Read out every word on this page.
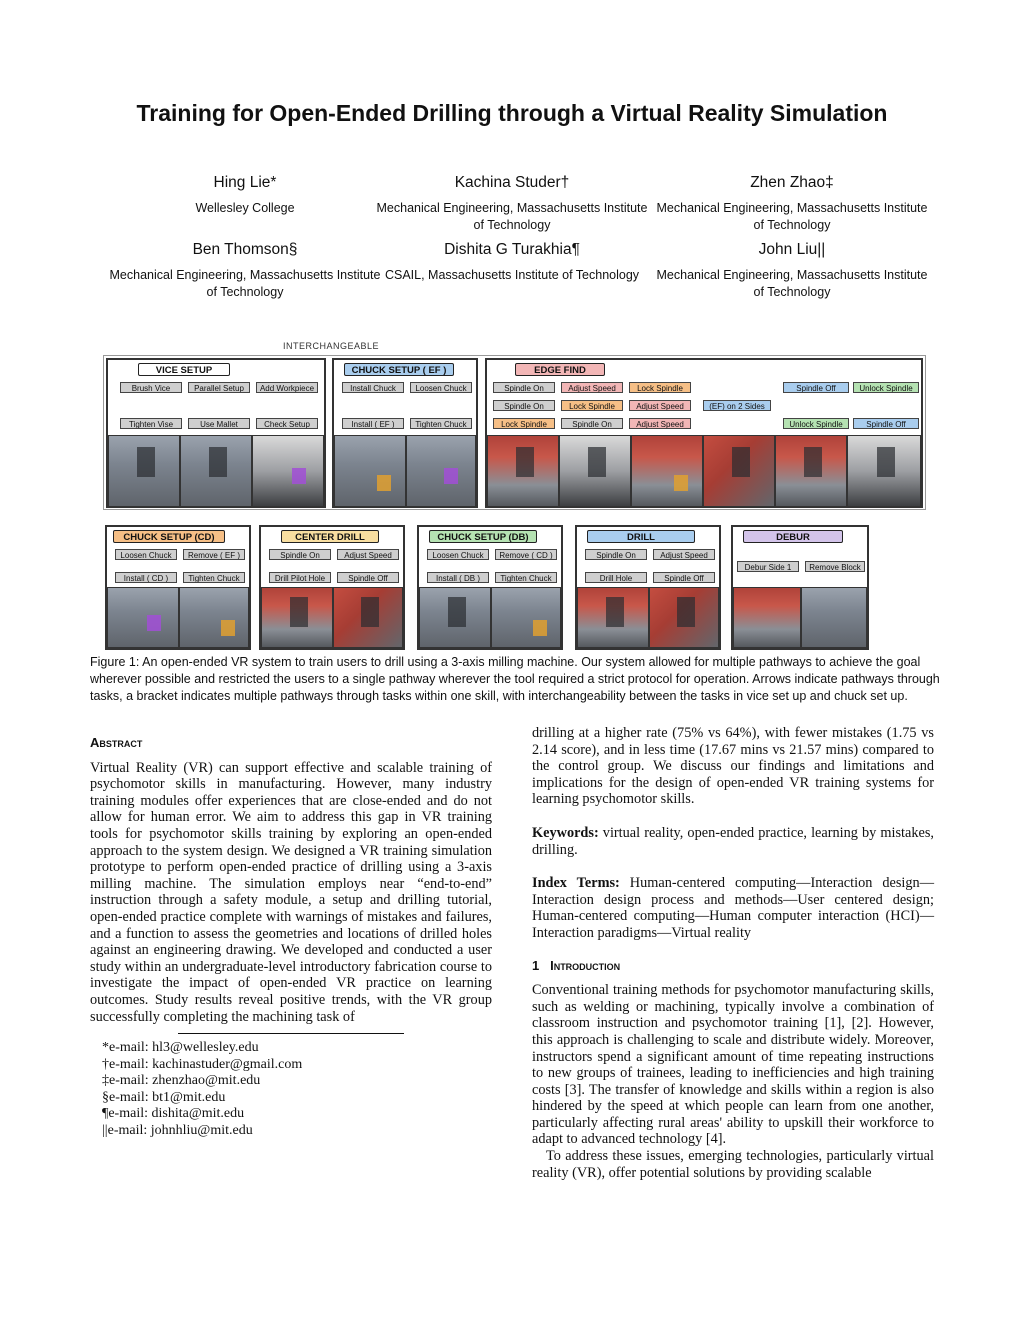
Training for Open-Ended Drilling through a Virtual Reality Simulation
Hing Lie*
Wellesley College
Kachina Studer†
Mechanical Engineering, Massachusetts Institute of Technology
Zhen Zhao‡
Mechanical Engineering, Massachusetts Institute of Technology
Ben Thomson§
Mechanical Engineering, Massachusetts Institute of Technology
Dishita G Turakhia¶
CSAIL, Massachusetts Institute of Technology
John Liu||
Mechanical Engineering, Massachusetts Institute of Technology
INTERCHANGEABLE
VICE SETUP
Brush Vice	Parallel Setup	Add Workpiece
Tighten Vise	Use Mallet	Check Setup
CHUCK SETUP ( EF )
Install Chuck	Loosen Chuck
Install ( EF )	Tighten Chuck
EDGE FIND
Spindle On	Adjust Speed	Lock Spindle
Spindle On	Lock Spindle	Adjust Speed	(EF) on 2 Sides
Lock Spindle	Spindle On	Adjust Speed
Spindle Off	Unlock Spindle
Unlock Spindle	Spindle Off
CHUCK SETUP (CD)
Loosen Chuck	Remove ( EF )
Install ( CD )	Tighten Chuck
CENTER DRILL
Spindle On	Adjust Speed
Drill Pilot Hole	Spindle Off
CHUCK SETUP (DB)
Loosen Chuck	Remove ( CD )
Install ( DB )	Tighten Chuck
DRILL
Spindle On	Adjust Speed
Drill Hole	Spindle Off
DEBUR
Debur Side 1	Remove Block
Figure 1: An open-ended VR system to train users to drill using a 3-axis milling machine. Our system allowed for multiple pathways to achieve the goal wherever possible and restricted the users to a single pathway wherever the tool required a strict protocol for operation. Arrows indicate pathways through tasks, a bracket indicates multiple pathways through tasks within one skill, with interchangeability between the tasks in vice set up and chuck set up.
Abstract

Virtual Reality (VR) can support effective and scalable training of psychomotor skills in manufacturing. However, many industry training modules offer experiences that are close-ended and do not allow for human error. We aim to address this gap in VR training tools for psychomotor skills training by exploring an open-ended approach to the system design. We designed a VR training simulation prototype to perform open-ended practice of drilling using a 3-axis milling machine. The simulation employs near “end-to-end” instruction through a safety module, a setup and drilling tutorial, open-ended practice complete with warnings of mistakes and failures, and a function to assess the geometries and locations of drilled holes against an engineering drawing. We developed and conducted a user study within an undergraduate-level introductory fabrication course to investigate the impact of open-ended VR practice on learning outcomes. Study results reveal positive trends, with the VR group successfully completing the machining task of

*e-mail: hl3@wellesley.edu
†e-mail: kachinastuder@gmail.com
‡e-mail: zhenzhao@mit.edu
§e-mail: bt1@mit.edu
¶e-mail: dishita@mit.edu
||e-mail: johnhliu@mit.edu

drilling at a higher rate (75% vs 64%), with fewer mistakes (1.75 vs 2.14 score), and in less time (17.67 mins vs 21.57 mins) compared to the control group. We discuss our findings and limitations and implications for the design of open-ended VR training systems for learning psychomotor skills.

Keywords: virtual reality, open-ended practice, learning by mistakes, drilling.

Index Terms: Human-centered computing—Interaction design—Interaction design process and methods—User centered design; Human-centered computing—Human computer interaction (HCI)—Interaction paradigms—Virtual reality

1 Introduction

Conventional training methods for psychomotor manufacturing skills, such as welding or machining, typically involve a combination of classroom instruction and psychomotor training [1], [2]. However, this approach is challenging to scale and distribute widely. Moreover, instructors spend a significant amount of time repeating instructions to new groups of trainees, leading to inefficiencies and high training costs [3]. The transfer of knowledge and skills within a region is also hindered by the speed at which people can learn from one another, particularly affecting rural areas' ability to upskill their workforce to adapt to advanced technology [4].

To address these issues, emerging technologies, particularly virtual reality (VR), offer potential solutions by providing scalable
